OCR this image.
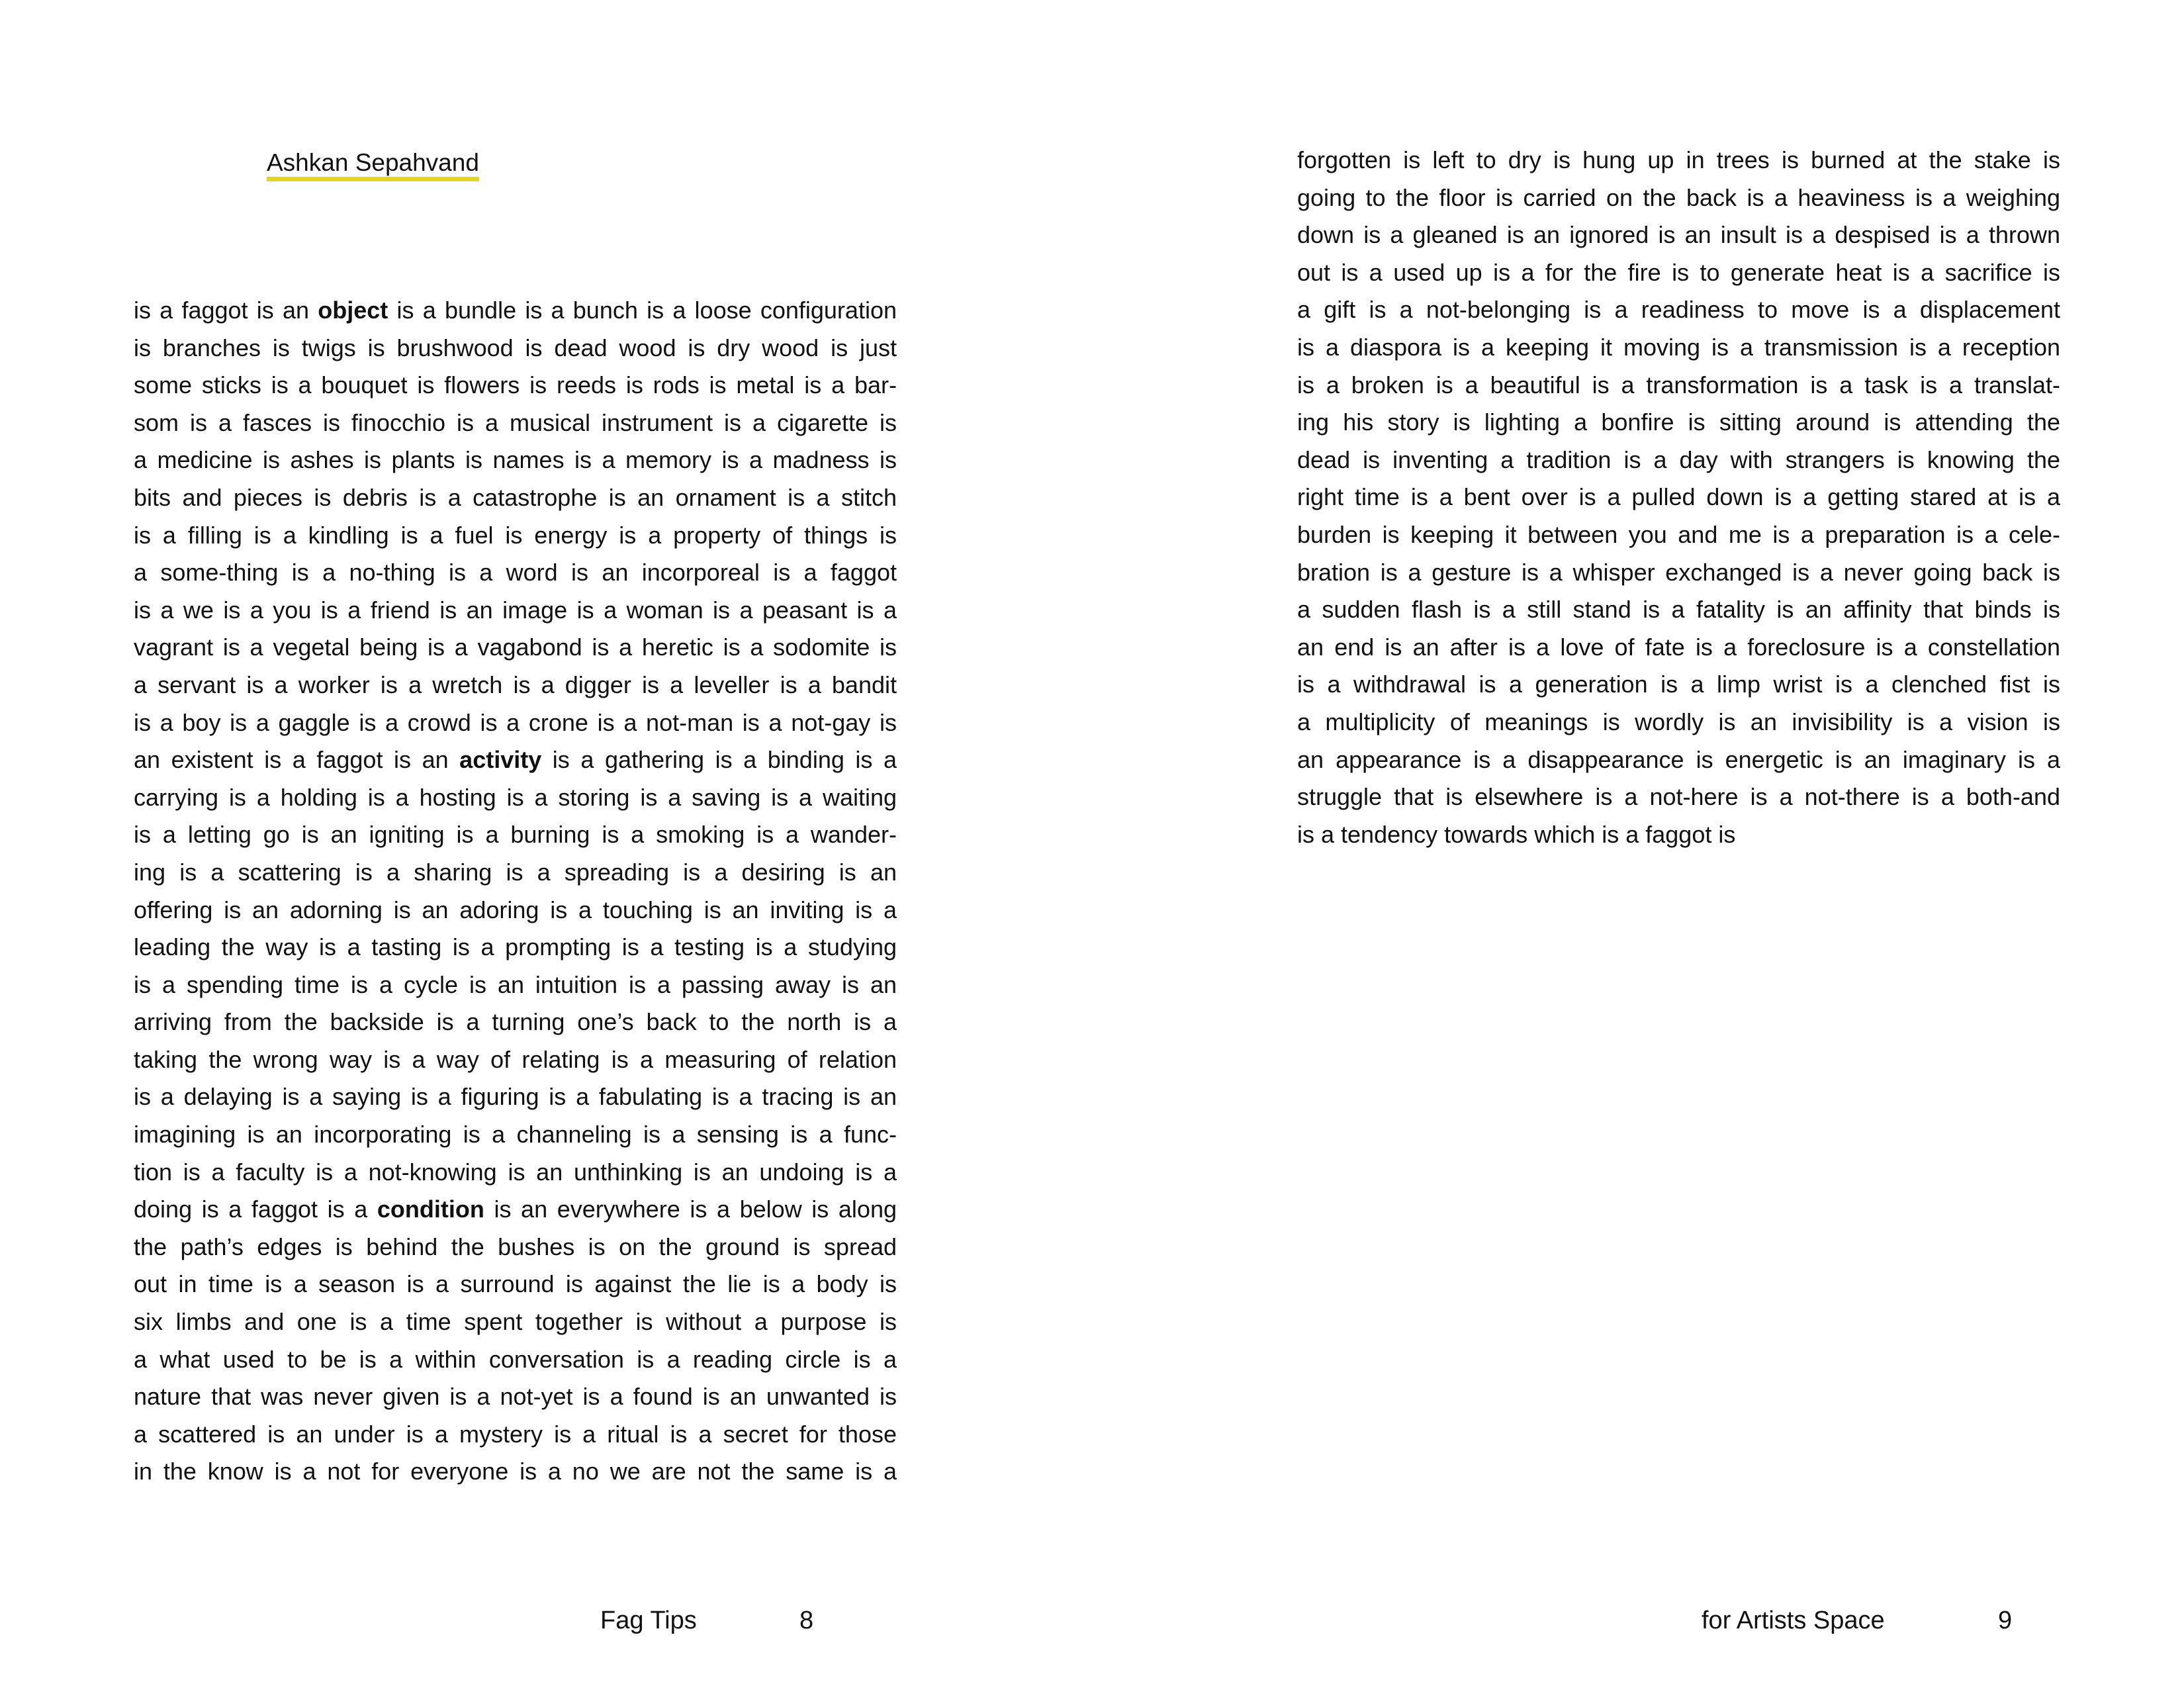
Ashkan Sepahvand
is a faggot is an object is a bundle is a bunch is a loose configuration
is branches is twigs is brushwood is dead wood is dry wood is just
some sticks is a bouquet is flowers is reeds is rods is metal is a bar-
som is a fasces is finocchio is a musical instrument is a cigarette is
a medicine is ashes is plants is names is a memory is a madness is
bits and pieces is debris is a catastrophe is an ornament is a stitch
is a filling is a kindling is a fuel is energy is a property of things is
a some-thing is a no-thing is a word is an incorporeal is a faggot
is a we is a you is a friend is an image is a woman is a peasant is a
vagrant is a vegetal being is a vagabond is a heretic is a sodomite is
a servant is a worker is a wretch is a digger is a leveller is a bandit
is a boy is a gaggle is a crowd is a crone is a not-man is a not-gay is
an existent is a faggot is an activity is a gathering is a binding is a
carrying is a holding is a hosting is a storing is a saving is a waiting
is a letting go is an igniting is a burning is a smoking is a wander-
ing is a scattering is a sharing is a spreading is a desiring is an
offering is an adorning is an adoring is a touching is an inviting is a
leading the way is a tasting is a prompting is a testing is a studying
is a spending time is a cycle is an intuition is a passing away is an
arriving from the backside is a turning one’s back to the north is a
taking the wrong way is a way of relating is a measuring of relation
is a delaying is a saying is a figuring is a fabulating is a tracing is an
imagining is an incorporating is a channeling is a sensing is a func-
tion is a faculty is a not-knowing is an unthinking is an undoing is a
doing is a faggot is a condition is an everywhere is a below is along
the path’s edges is behind the bushes is on the ground is spread
out in time is a season is a surround is against the lie is a body is
six limbs and one is a time spent together is without a purpose is
a what used to be is a within conversation is a reading circle is a
nature that was never given is a not-yet is a found is an unwanted is
a scattered is an under is a mystery is a ritual is a secret for those
in the know is a not for everyone is a no we are not the same is a
forgotten is left to dry is hung up in trees is burned at the stake is
going to the floor is carried on the back is a heaviness is a weighing
down is a gleaned is an ignored is an insult is a despised is a thrown
out is a used up is a for the fire is to generate heat is a sacrifice is
a gift is a not-belonging is a readiness to move is a displacement
is a diaspora is a keeping it moving is a transmission is a reception
is a broken is a beautiful is a transformation is a task is a translat-
ing his story is lighting a bonfire is sitting around is attending the
dead is inventing a tradition is a day with strangers is knowing the
right time is a bent over is a pulled down is a getting stared at is a
burden is keeping it between you and me is a preparation is a cele-
bration is a gesture is a whisper exchanged is a never going back is
a sudden flash is a still stand is a fatality is an affinity that binds is
an end is an after is a love of fate is a foreclosure is a constellation
is a withdrawal is a generation is a limp wrist is a clenched fist is
a multiplicity of meanings is wordly is an invisibility is a vision is
an appearance is a disappearance is energetic is an imaginary is a
struggle that is elsewhere is a not-here is a not-there is a both-and
is a tendency towards which is a faggot is
Fag Tips	8	for Artists Space	9
